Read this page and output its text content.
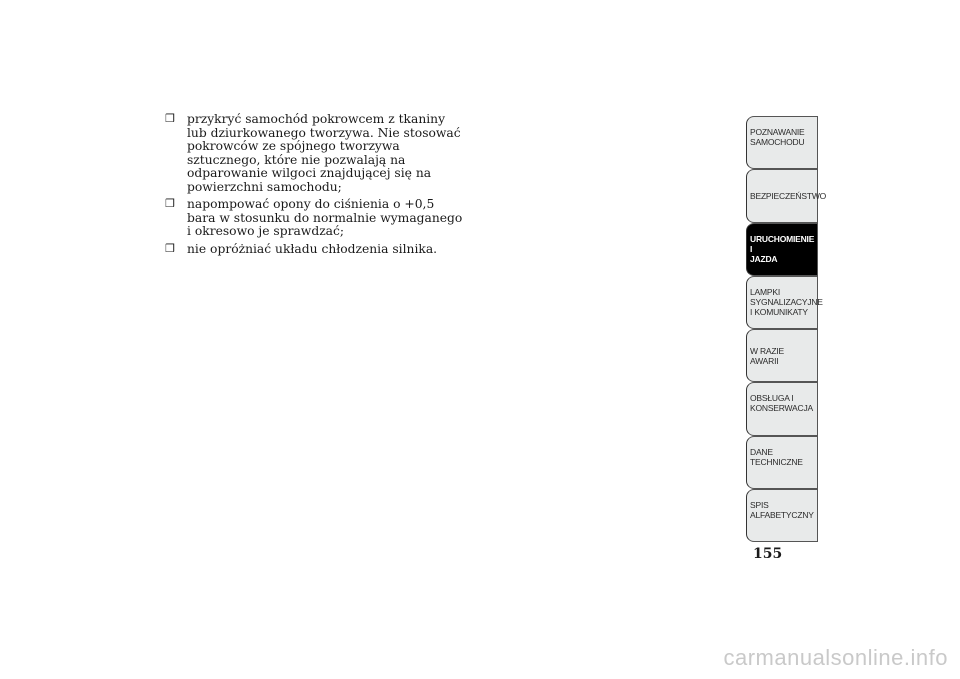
❒ przykryć samochód pokrowcem z tkaniny lub dziurkowanego tworzywa. Nie stosować pokrowców ze spójnego tworzywa sztucznego, które nie pozwalają na odparowanie wilgoci znajdującej się na powierzchni samochodu;
❒ napompować opony do ciśnienia o +0,5 bara w stosunku do normalnie wymaganego i okresowo je sprawdzać;
❒ nie opróżniać układu chłodzenia silnika.
POZNAWANIE
SAMOCHODU
BEZPIECZEŃSTWO
URUCHOMIENIE I
JAZDA
LAMPKI
SYGNALIZACYJNE
I KOMUNIKATY
W RAZIE AWARII
OBSŁUGA I
KONSERWACJA
DANE
TECHNICZNE
SPIS
ALFABETYCZNY
155
carmanualsonline.info
